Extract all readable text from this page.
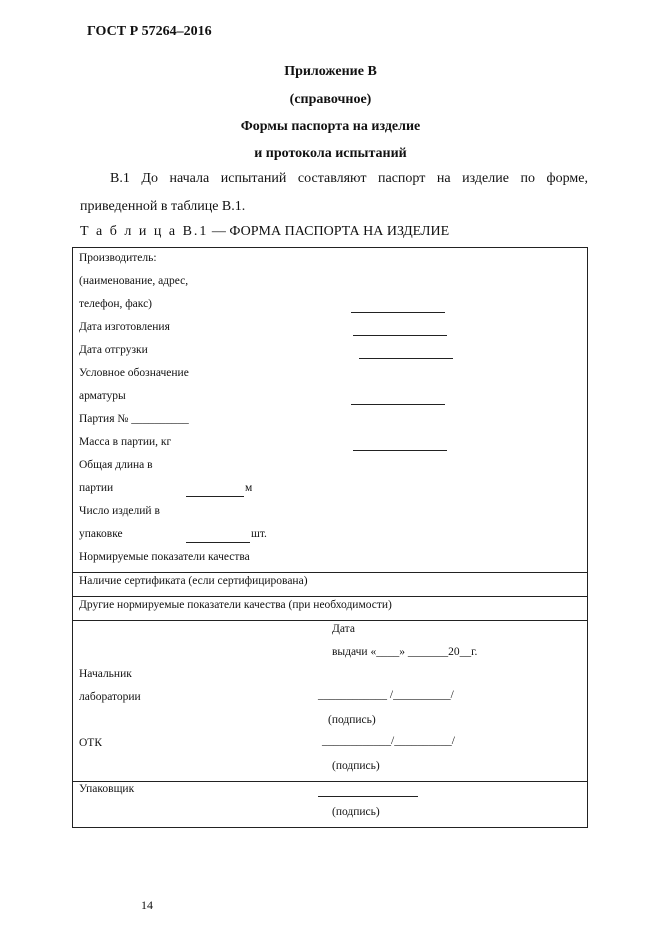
ГОСТ Р 57264–2016
Приложение В
(справочное)
Формы паспорта на изделие
и протокола испытаний
В.1 До начала испытаний составляют паспорт на изделие по форме,
приведенной в таблице В.1.
Т а б л и ц а В.1 — ФОРМА ПАСПОРТА НА ИЗДЕЛИЕ
Производитель:
(наименование, адрес,
телефон, факс)
Дата изготовления
Дата отгрузки
Условное обозначение
арматуры
Партия № __________
Масса в партии, кг
Общая длина в
партии	м
Число изделий в
упаковке	шт.
Нормируемые показатели качества
Наличие сертификата (если сертифицирована)
Другие нормируемые показатели качества (при необходимости)
Дата
выдачи «____» _______20__г.
Начальник
лаборатории	____________ /__________/
(подпись)
ОТК	____________/__________/
(подпись)
Упаковщик
(подпись)
14
